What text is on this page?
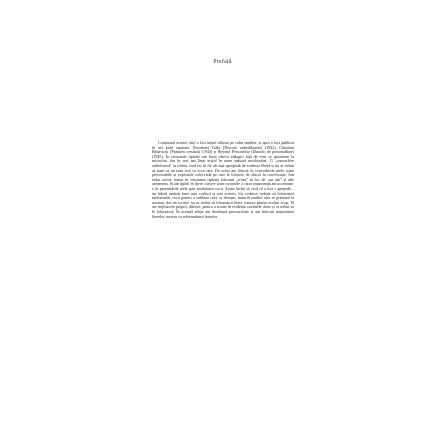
Prefață

Conținutul acestei cărți a fost inițial difuzat pe calea undelor, și apoi a fost publicat în trei părți separate: Broadcast Talks (Discuții radiodifuzate) (1942), Christian Behaviour (Purtarea creștină) (1943) și Beyond Personality (Dincolo de personalitate) (1945). În versiunile tipărite am făcut câteva adăugiri față de ceea ce spusesem la microfon, dar în rest am lăsat textul în mare măsură neschimbat. O „convorbire radiofonică” ar trebui, cred eu, să fie cât mai apropiată de vorbirea liberă și nu ar trebui să sune ca un eseu citit cu voce tare. De aceea am folosit, în convorbirile mele, toate prescurtările și expresiile colocviale pe care le folosesc de obicei în conversație. Am redat aceste forme în versiunea tipărită folosind „n-am” în loc de „nu am” și alte asemenea. Și am tipărit în litere cursive toate cuvintele a căror importanță am accentuat-o în prezentările mele prin modularea vocii. Acum înclin să cred că a fost o greșeală – un hibrid nedorit între arta vorbirii și arta scrierii. Un vorbitor trebuie să folosească inflexiunile vocii pentru a sublinia ceea ce dorește, întrucât mediul ales se pretează la aceasta; dar un scriitor nu ar trebui să folosească litere cursive pentru același scop. El are mijloacele proprii, diferite, pentru a scoate în evidență cuvintele cheie și ar trebui să le folosească. În această ediție am desființat prescurtările și am înlocuit majoritatea literelor cursive cu reformularea frazelor.
